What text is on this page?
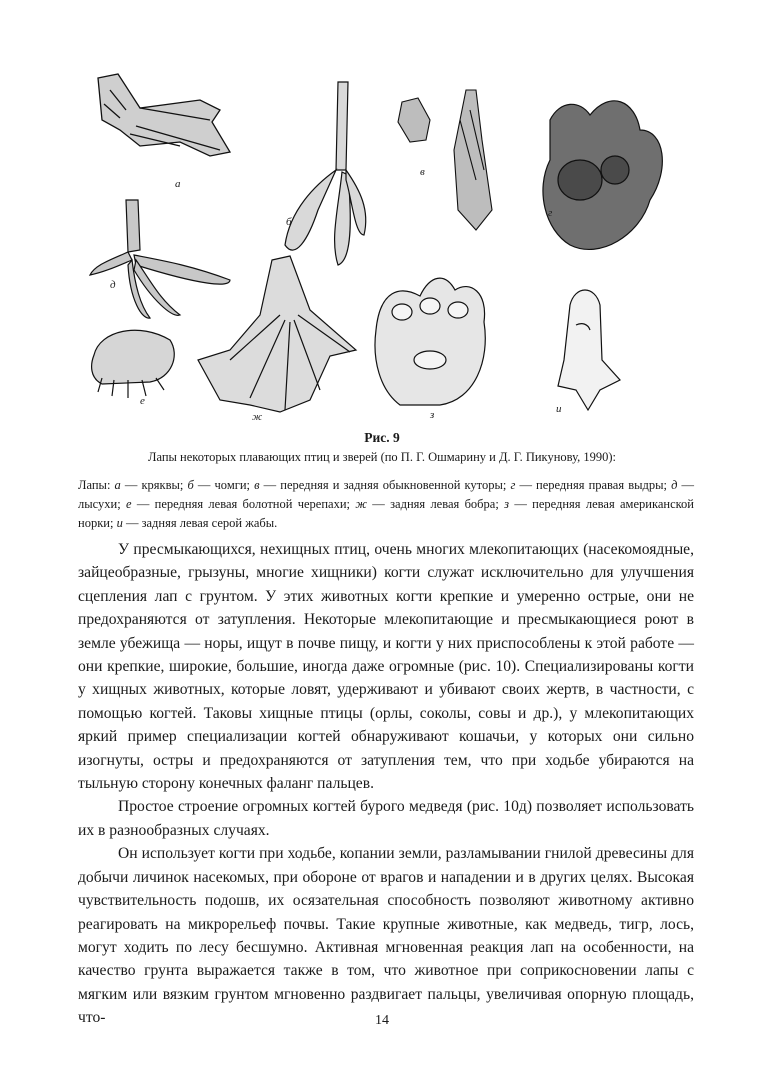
а
б
в
г
д
е
ж	з	и
Рис. 9
Лапы некоторых плавающих птиц и зверей (по П. Г. Ошмарину и Д. Г. Пикунову, 1990):
Лапы: а — кряквы; б — чомги; в — передняя и задняя обыкновенной куторы; г — передняя правая выдры; д — лысухи; е — передняя левая болотной черепахи; ж — задняя левая бобра; з — передняя левая американской норки; и — задняя левая серой жабы.

У пресмыкающихся, нехищных птиц, очень многих млекопитающих (насекомоядные, зайцеобразные, грызуны, многие хищники) когти служат исключительно для улучшения сцепления лап с грунтом. У этих животных когти крепкие и умеренно острые, они не предохраняются от затупления. Некоторые млекопитающие и пресмыкающиеся роют в земле убежища — норы, ищут в почве пищу, и когти у них приспособлены к этой работе — они крепкие, широкие, большие, иногда даже огромные (рис. 10). Специализированы когти у хищных животных, которые ловят, удерживают и убивают своих жертв, в частности, с помощью когтей. Таковы хищные птицы (орлы, соколы, совы и др.), у млекопитающих яркий пример специализации когтей обнаруживают кошачьи, у которых они сильно изогнуты, остры и предохраняются от затупления тем, что при ходьбе убираются на тыльную сторону конечных фаланг пальцев.

Простое строение огромных когтей бурого медведя (рис. 10д) позволяет использовать их в разнообразных случаях.

Он использует когти при ходьбе, копании земли, разламывании гнилой древесины для добычи личинок насекомых, при обороне от врагов и нападении и в других целях. Высокая чувствительность подошв, их осязательная способность позволяют животному активно реагировать на микрорельеф почвы. Такие крупные животные, как медведь, тигр, лось, могут ходить по лесу бесшумно. Активная мгновенная реакция лап на особенности, на качество грунта выражается также в том, что животное при соприкосновении лапы с мягким или вязким грунтом мгновенно раздвигает пальцы, увеличивая опорную площадь, что-	14
